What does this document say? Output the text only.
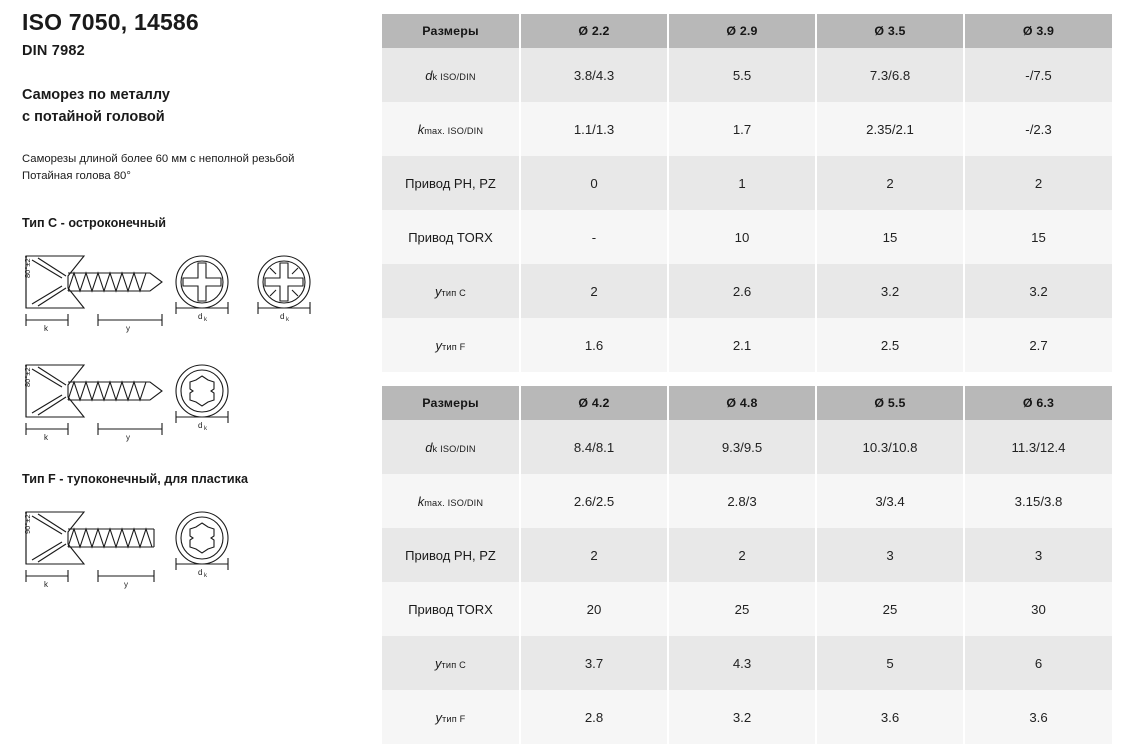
ISO 7050, 14586
DIN 7982
Саморез по металлу
с потайной головой
Саморезы длиной более 60 мм с неполной резьбой
Потайная голова 80°
Тип C - остроконечный
k	y
d k	d k
80°±2°
k	y
d k
80°±2°
Тип F - тупоконечный, для пластика
k	y
d k
90°±2°
Размеры	Ø 2.2	Ø 2.9	Ø 3.5	Ø 3.9
dk ISO/DIN	3.8/4.3	5.5	7.3/6.8	-/7.5
kmax. ISO/DIN	1.1/1.3	1.7	2.35/2.1	-/2.3
Привод PH, PZ	0	1	2	2
Привод TORX	-	10	15	15
yтип C	2	2.6	3.2	3.2
yтип F	1.6	2.1	2.5	2.7
Размеры	Ø 4.2	Ø 4.8	Ø 5.5	Ø 6.3
dk ISO/DIN	8.4/8.1	9.3/9.5	10.3/10.8	11.3/12.4
kmax. ISO/DIN	2.6/2.5	2.8/3	3/3.4	3.15/3.8
Привод PH, PZ	2	2	3	3
Привод TORX	20	25	25	30
yтип C	3.7	4.3	5	6
yтип F	2.8	3.2	3.6	3.6
